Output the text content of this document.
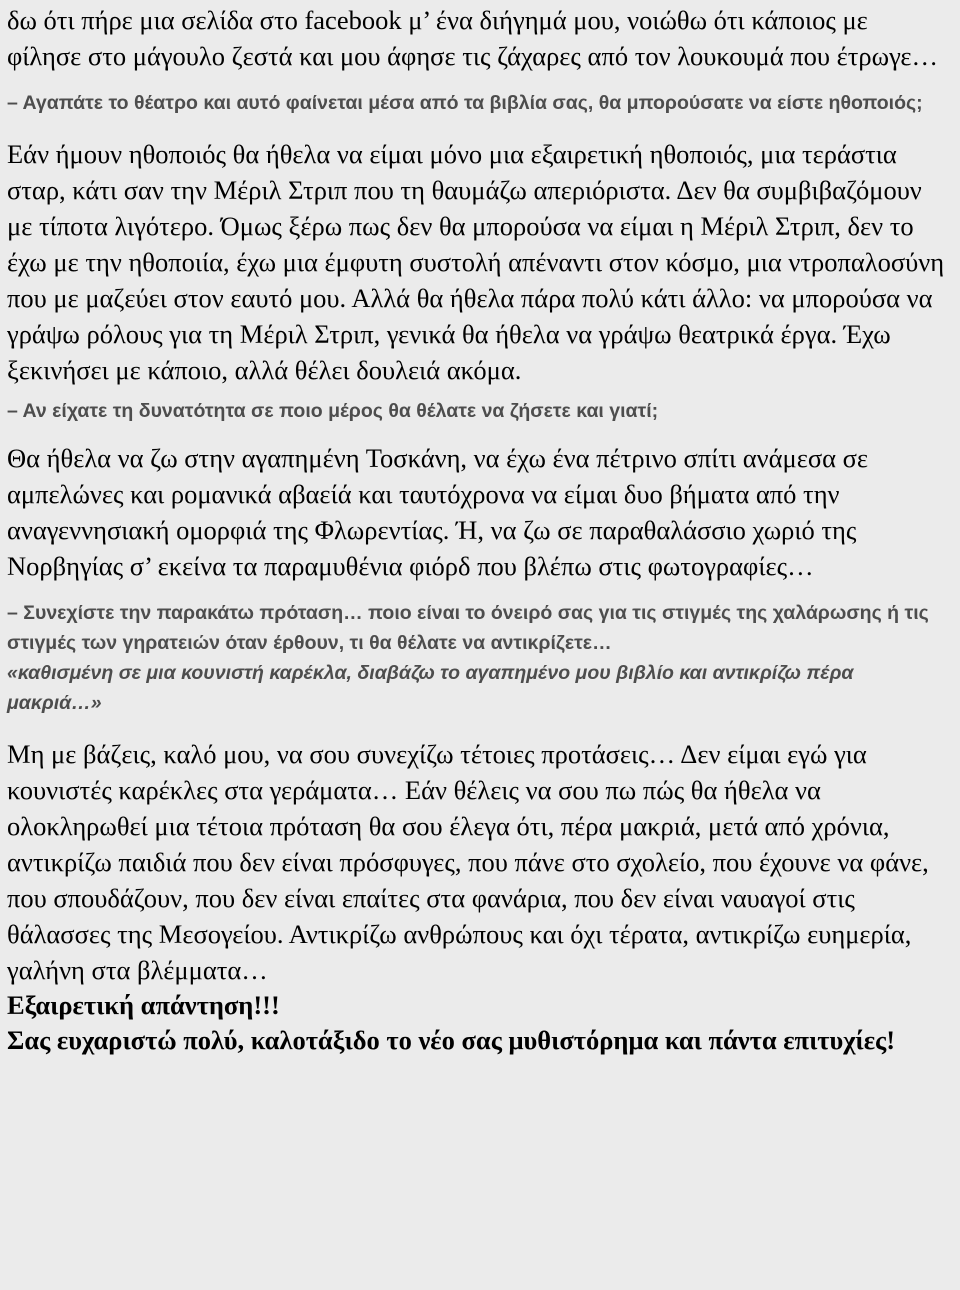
δω ότι πήρε μια σελίδα στο facebook μ’ ένα διήγημά μου, νοιώθω ότι κάποιος με φίλησε στο μάγουλο ζεστά και μου άφησε τις ζάχαρες από τον λουκουμά που έτρωγε…

– Αγαπάτε το θέατρο και αυτό φαίνεται μέσα από τα βιβλία σας, θα μπορούσατε να είστε ηθοποιός;

Εάν ήμουν ηθοποιός θα ήθελα να είμαι μόνο μια εξαιρετική ηθοποιός, μια τεράστια σταρ, κάτι σαν την Μέριλ Στριπ που τη θαυμάζω απεριόριστα. Δεν θα συμβιβαζόμουν με τίποτα λιγότερο. Όμως ξέρω πως δεν θα μπορούσα να είμαι η Μέριλ Στριπ, δεν το έχω με την ηθοποιία, έχω μια έμφυτη συστολή απέναντι στον κόσμο, μια ντροπαλοσύνη που με μαζεύει στον εαυτό μου. Αλλά θα ήθελα πάρα πολύ κάτι άλλο: να μπορούσα να γράψω ρόλους για τη Μέριλ Στριπ, γενικά θα ήθελα να γράψω θεατρικά έργα. Έχω ξεκινήσει με κάποιο, αλλά θέλει δουλειά ακόμα.

– Αν είχατε τη δυνατότητα σε ποιο μέρος θα θέλατε να ζήσετε και γιατί;

Θα ήθελα να ζω στην αγαπημένη Τοσκάνη, να έχω ένα πέτρινο σπίτι ανάμεσα σε αμπελώνες και ρομανικά αβαείά και ταυτόχρονα να είμαι δυο βήματα από την αναγεννησιακή ομορφιά της Φλωρεντίας. Ή, να ζω σε παραθαλάσσιο χωριό της Νορβηγίας σ’ εκείνα τα παραμυθένια φιόρδ που βλέπω στις φωτογραφίες…

– Συνεχίστε την παρακάτω πρόταση… ποιο είναι το όνειρό σας για τις στιγμές της χαλάρωσης ή τις στιγμές των γηρατειών όταν έρθουν, τι θα θέλατε να αντικρίζετε…

«καθισμένη σε μια κουνιστή καρέκλα, διαβάζω το αγαπημένο μου βιβλίο και αντικρίζω πέρα μακριά…»

Μη με βάζεις, καλό μου, να σου συνεχίζω τέτοιες προτάσεις… Δεν είμαι εγώ για κουνιστές καρέκλες στα γεράματα… Εάν θέλεις να σου πω πώς θα ήθελα να ολοκληρωθεί μια τέτοια πρόταση θα σου έλεγα ότι, πέρα μακριά, μετά από χρόνια, αντικρίζω παιδιά που δεν είναι πρόσφυγες, που πάνε στο σχολείο, που έχουνε να φάνε, που σπουδάζουν, που δεν είναι επαίτες στα φανάρια, που δεν είναι ναυαγοί στις θάλασσες της Μεσογείου. Αντικρίζω ανθρώπους και όχι τέρατα, αντικρίζω ευημερία, γαλήνη στα βλέμματα…

Εξαιρετική απάντηση!!!

Σας ευχαριστώ πολύ, καλοτάξιδο το νέο σας μυθιστόρημα και πάντα επιτυχίες!
